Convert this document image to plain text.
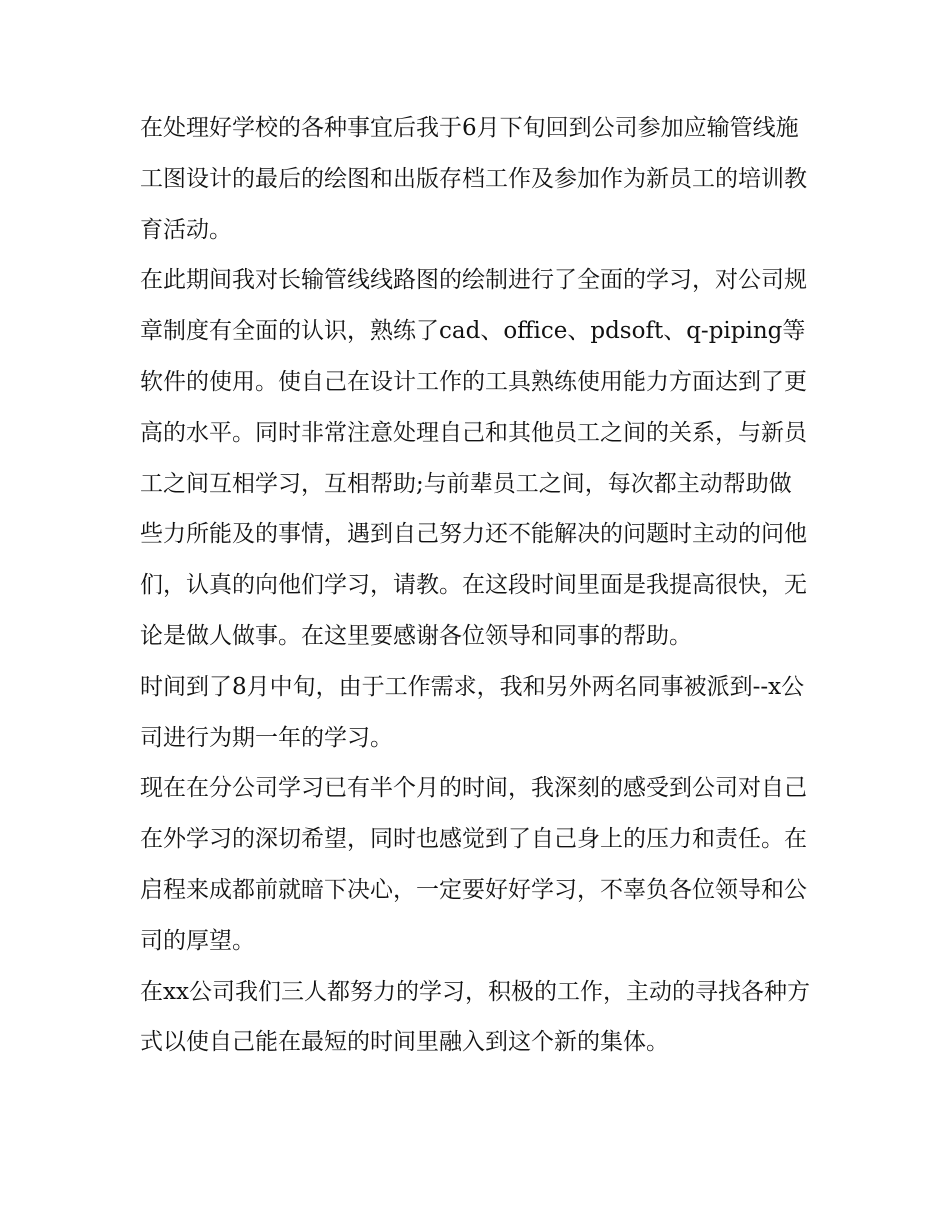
在处理好学校的各种事宜后我于6月下旬回到公司参加应输管线施工图设计的最后的绘图和出版存档工作及参加作为新员工的培训教育活动。

在此期间我对长输管线线路图的绘制进行了全面的学习，对公司规章制度有全面的认识，熟练了cad、office、pdsoft、q-piping等软件的使用。使自己在设计工作的工具熟练使用能力方面达到了更高的水平。同时非常注意处理自己和其他员工之间的关系，与新员工之间互相学习，互相帮助;与前辈员工之间，每次都主动帮助做些力所能及的事情，遇到自己努力还不能解决的问题时主动的问他们，认真的向他们学习，请教。在这段时间里面是我提高很快，无论是做人做事。在这里要感谢各位领导和同事的帮助。

时间到了8月中旬，由于工作需求，我和另外两名同事被派到--x公司进行为期一年的学习。

现在在分公司学习已有半个月的时间，我深刻的感受到公司对自己在外学习的深切希望，同时也感觉到了自己身上的压力和责任。在启程来成都前就暗下决心，一定要好好学习，不辜负各位领导和公司的厚望。

在xx公司我们三人都努力的学习，积极的工作，主动的寻找各种方式以使自己能在最短的时间里融入到这个新的集体。
